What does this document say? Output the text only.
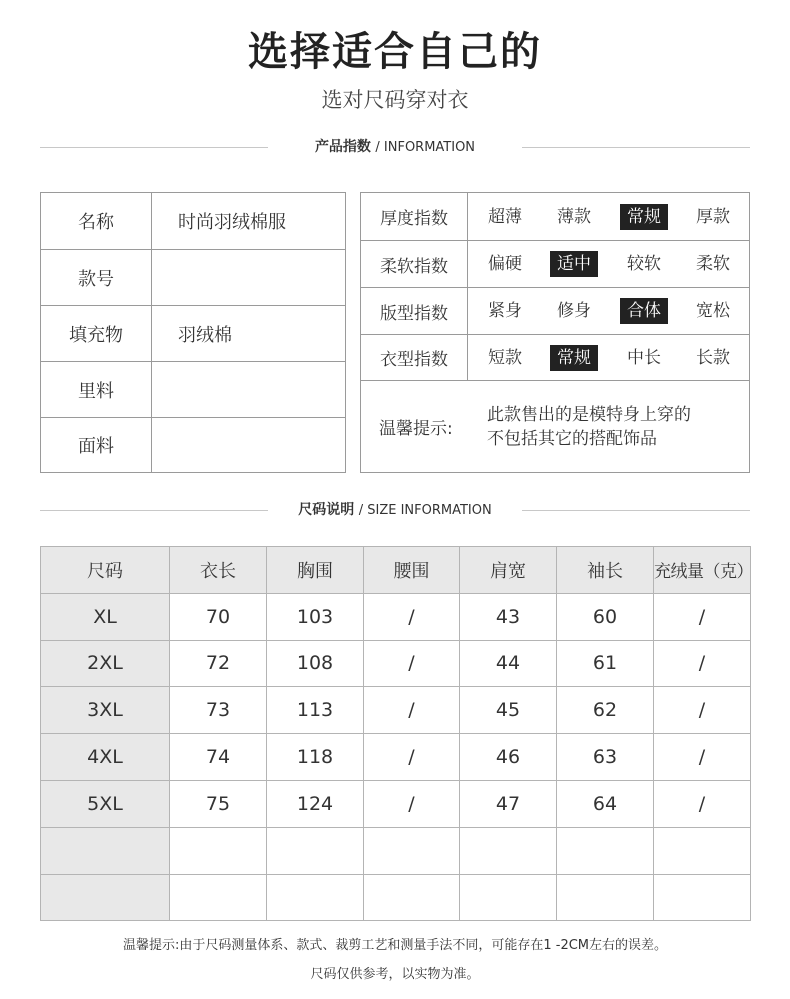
选择适合自己的
选对尺码穿对衣
产品指数 / INFORMATION
名称	时尚羽绒棉服
款号
填充物	羽绒棉
里料
面料
厚度指数	超薄	薄款	常规	厚款
柔软指数	偏硬	适中	较软	柔软
版型指数	紧身	修身	合体	宽松
衣型指数	短款	常规	中长	长款
温馨提示:
此款售出的是模特身上穿的
不包括其它的搭配饰品
尺码说明 / SIZE INFORMATION
尺码	衣长	胸围	腰围	肩宽	袖长	充绒量（克）
XL	70	103	/	43	60	/
2XL	72	108	/	44	61	/
3XL	73	113	/	45	62	/
4XL	74	118	/	46	63	/
5XL	75	124	/	47	64	/

温馨提示:由于尺码测量体系、款式、裁剪工艺和测量手法不同，可能存在1 -2CM左右的误差。
尺码仅供参考，以实物为准。
